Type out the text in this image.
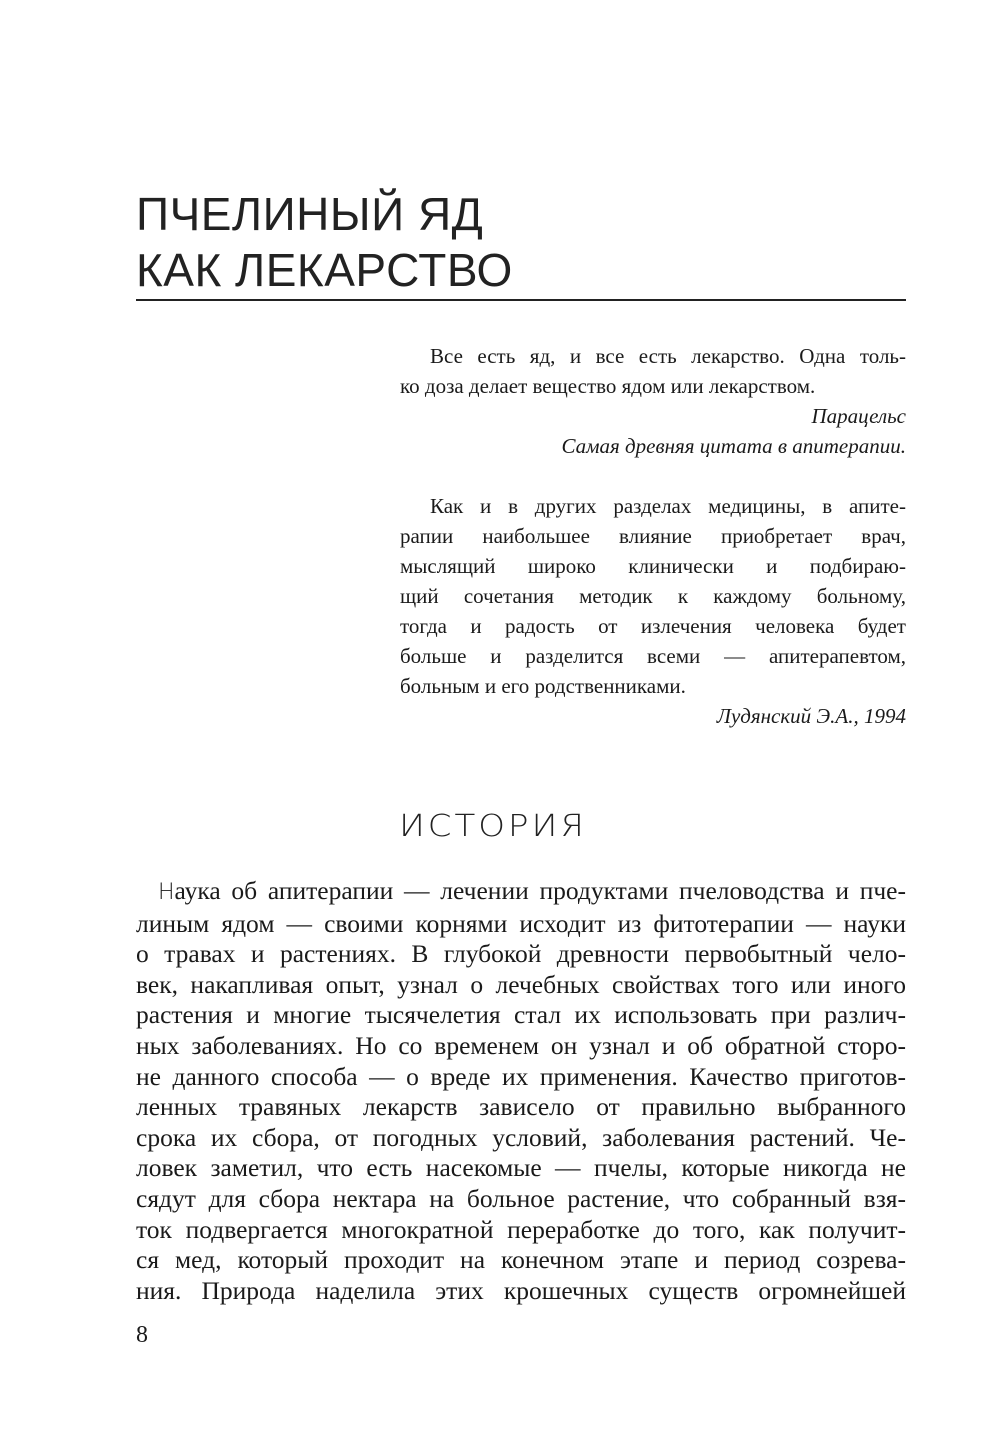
ПЧЕЛИНЫЙ ЯД
КАК ЛЕКАРСТВО
Все есть яд, и все есть лекарство. Одна толь-
ко доза делает вещество ядом или лекарством.
Парацельс
Самая древняя цитата в апитерапии.
Как и в других разделах медицины, в апите-
рапии наибольшее влияние приобретает врач,
мыслящий широко клинически и подбираю-
щий сочетания методик к каждому больному,
тогда и радость от излечения человека будет
больше и разделится всеми — апитерапевтом,
больным и его родственниками.
Лудянский Э.А., 1994
ИСТОРИЯ
Наука об апитерапии — лечении продуктами пчеловодства и пче-
линым ядом — своими корнями исходит из фитотерапии — науки
о травах и растениях. В глубокой древности первобытный чело-
век, накапливая опыт, узнал о лечебных свойствах того или иного
растения и многие тысячелетия стал их использовать при различ-
ных заболеваниях. Но со временем он узнал и об обратной сторо-
не данного способа — о вреде их применения. Качество приготов-
ленных травяных лекарств зависело от правильно выбранного
срока их сбора, от погодных условий, заболевания растений. Че-
ловек заметил, что есть насекомые — пчелы, которые никогда не
сядут для сбора нектара на больное растение, что собранный взя-
ток подвергается многократной переработке до того, как получит-
ся мед, который проходит на конечном этапе и период созрева-
ния. Природа наделила этих крошечных существ огромнейшей
8
